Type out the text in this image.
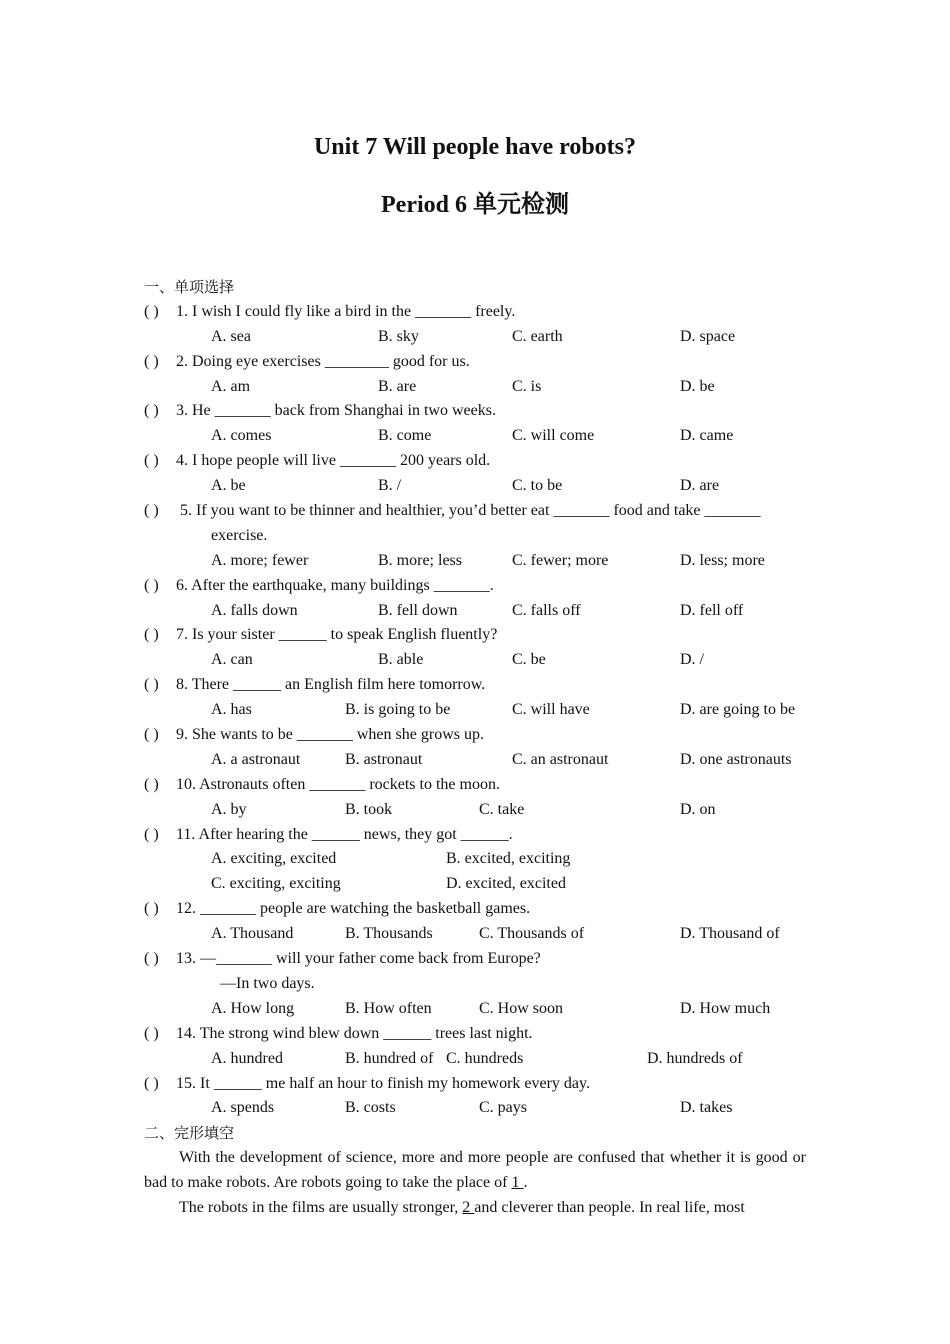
Unit 7 Will people have robots?
Period 6 单元检测
一、单项选择
( ) 1. I wish I could fly like a bird in the _______ freely.
A. sea	B. sky	C. earth	D. space
( ) 2. Doing eye exercises ________ good for us.
A. am	B. are	C. is	D. be
( ) 3. He _______ back from Shanghai in two weeks.
A. comes	B. come	C. will come	D. came
( ) 4. I hope people will live _______ 200 years old.
A. be	B. /	C. to be	D. are
( ) 5. If you want to be thinner and healthier, you’d better eat _______ food and take _______
exercise.
A. more; fewer	B. more; less	C. fewer; more	D. less; more
( ) 6. After the earthquake, many buildings _______.
A. falls down	B. fell down	C. falls off	D. fell off
( ) 7. Is your sister ______ to speak English fluently?
A. can	B. able	C. be	D. /
( ) 8. There ______ an English film here tomorrow.
A. has	B. is going to be	C. will have	D. are going to be
( ) 9. She wants to be _______ when she grows up.
A. a astronaut	B. astronaut	C. an astronaut	D. one astronauts
( ) 10. Astronauts often _______ rockets to the moon.
A. by	B. took	C. take	D. on
( ) 11. After hearing the ______ news, they got ______.
A. exciting, excited	B. excited, exciting
C. exciting, exciting	D. excited, excited
( ) 12. _______ people are watching the basketball games.
A. Thousand	B. Thousands	C. Thousands of	D. Thousand of
( ) 13. —_______ will your father come back from Europe?
—In two days.
A. How long	B. How often	C. How soon	D. How much
( ) 14. The strong wind blew down ______ trees last night.
A. hundred	B. hundred of C. hundreds	D. hundreds of
( ) 15. It ______ me half an hour to finish my homework every day.
A. spends	B. costs	C. pays	D. takes
二、完形填空
With the development of science, more and more people are confused that whether it is good or bad to make robots. Are robots going to take the place of 1 .
The robots in the films are usually stronger, 2 and cleverer than people. In real life, most
